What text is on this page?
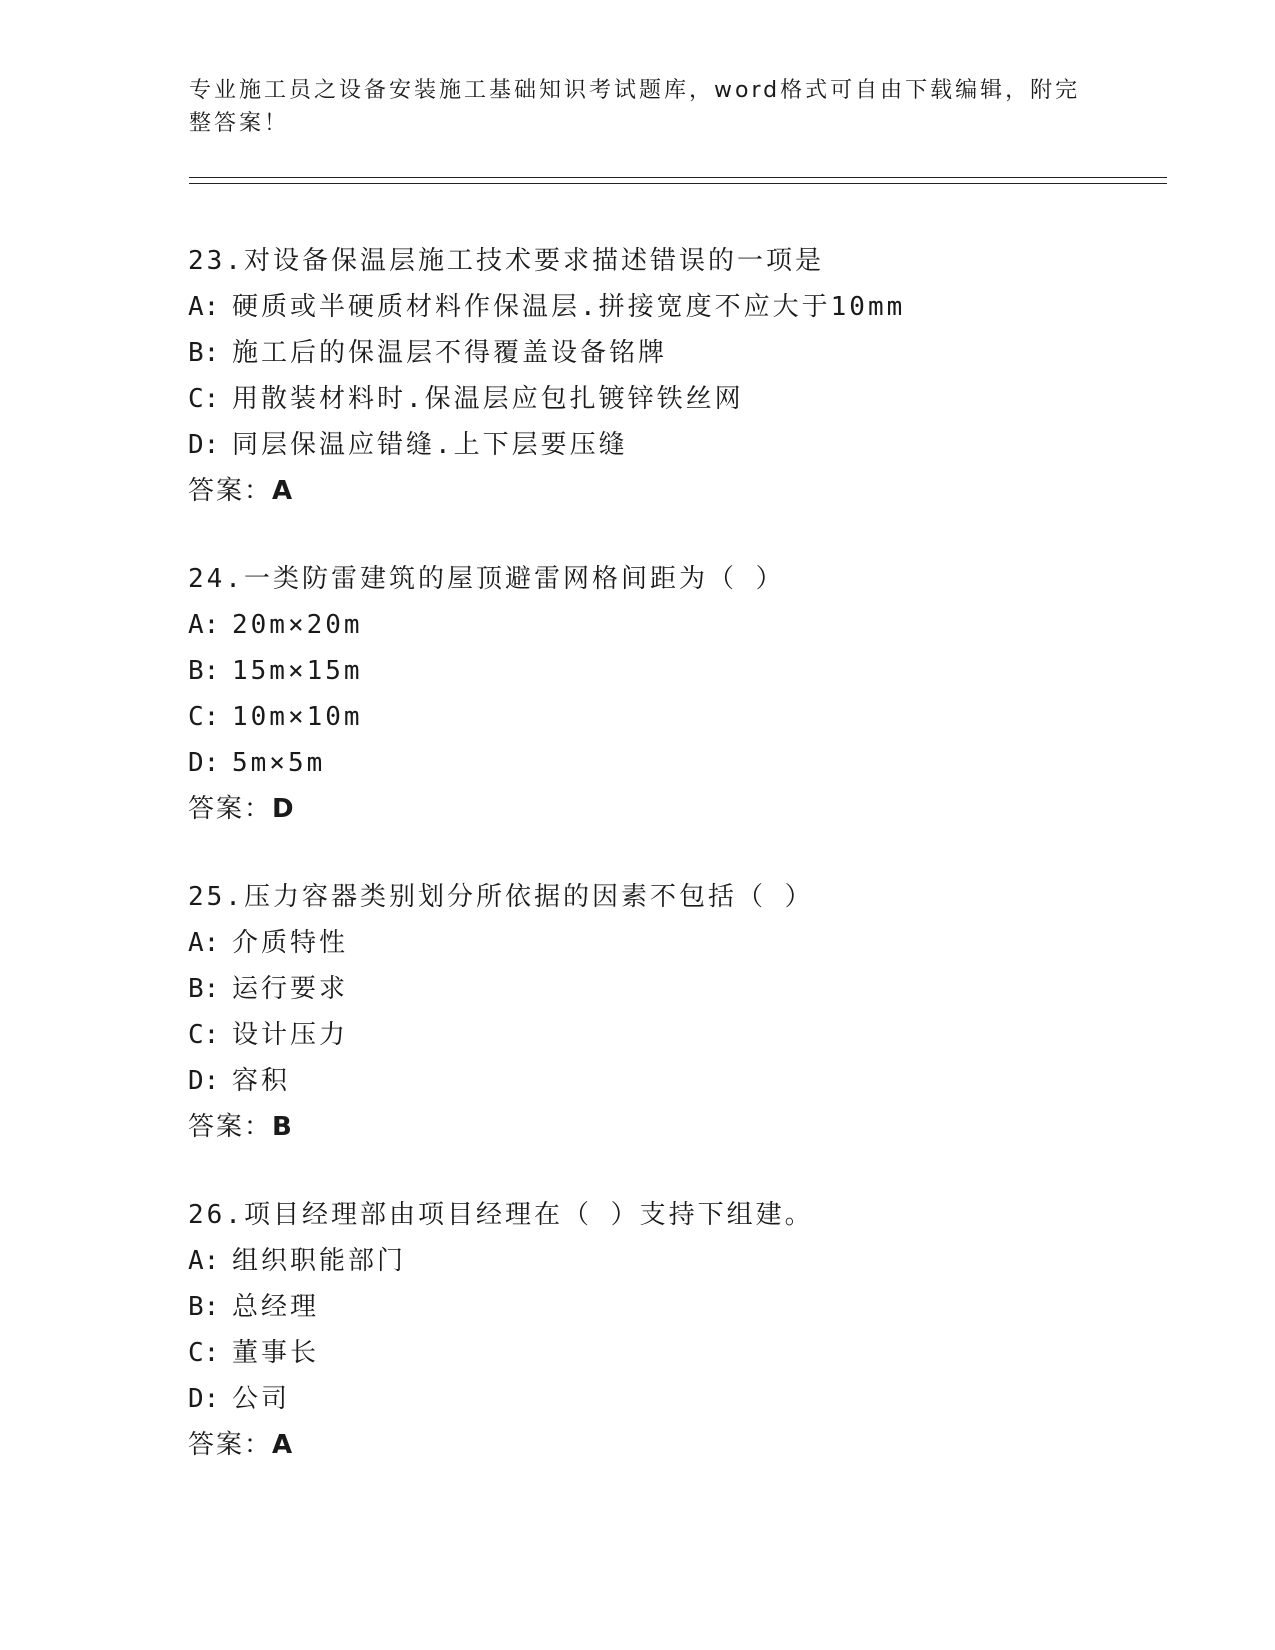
专业施工员之设备安装施工基础知识考试题库，word格式可自由下载编辑，附完
整答案！
23.对设备保温层施工技术要求描述错误的一项是
A: 硬质或半硬质材料作保温层.拼接宽度不应大于10mm
B: 施工后的保温层不得覆盖设备铭牌
C: 用散装材料时.保温层应包扎镀锌铁丝网
D: 同层保温应错缝.上下层要压缝
答案：A
24.一类防雷建筑的屋顶避雷网格间距为（ ）
A: 20m×20m
B: 15m×15m
C: 10m×10m
D: 5m×5m
答案：D
25.压力容器类别划分所依据的因素不包括（ ）
A: 介质特性
B: 运行要求
C: 设计压力
D: 容积
答案：B
26.项目经理部由项目经理在（ ）支持下组建。
A: 组织职能部门
B: 总经理
C: 董事长
D: 公司
答案：A
